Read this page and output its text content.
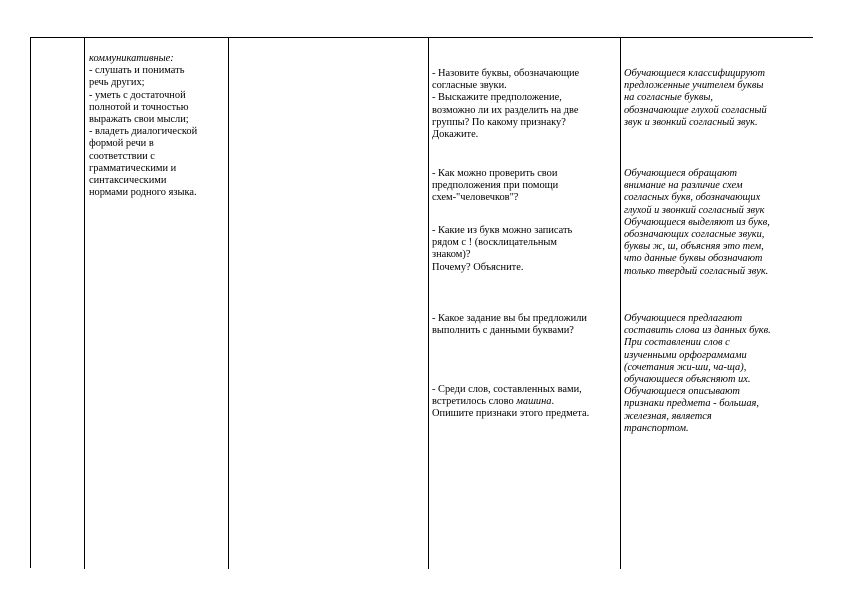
коммуникативные:
- слушать и понимать
речь других;
- уметь с достаточной
полнотой и точностью
выражать свои мысли;
- владеть диалогической
формой речи в
соответствии с
грамматическими и
синтаксическими
нормами родного языка.
- Назовите буквы, обозначающие
согласные звуки.
- Выскажите предположение,
возможно ли их разделить на две
группы? По какому признаку?
Докажите.
- Как можно проверить свои
предположения при помощи
схем-"человечков"?
- Какие из букв можно записать
рядом с ! (восклицательным
знаком)?
Почему? Объясните.
- Какое задание вы бы предложили
выполнить с данными буквами?
- Среди слов, составленных вами,
встретилось слово машина.
Опишите признаки этого предмета.
Обучающиеся классифицируют
предложенные учителем буквы
на согласные буквы,
обозначающие глухой согласный
звук и звонкий согласный звук.
Обучающиеся обращают
внимание на различие схем
согласных букв, обозначающих
глухой и звонкий согласный звук
Обучающиеся выделяют из букв,
обозначающих согласные звуки,
буквы ж, ш, объясняя это тем,
что данные буквы обозначают
только твердый согласный звук.
Обучающиеся предлагают
составить слова из данных букв.
При составлении слов с
изученными орфограммами
(сочетания жи-ши, ча-ща),
обучающиеся объясняют их.
Обучающиеся описывают
признаки предмета - большая,
железная, является
транспортом.
